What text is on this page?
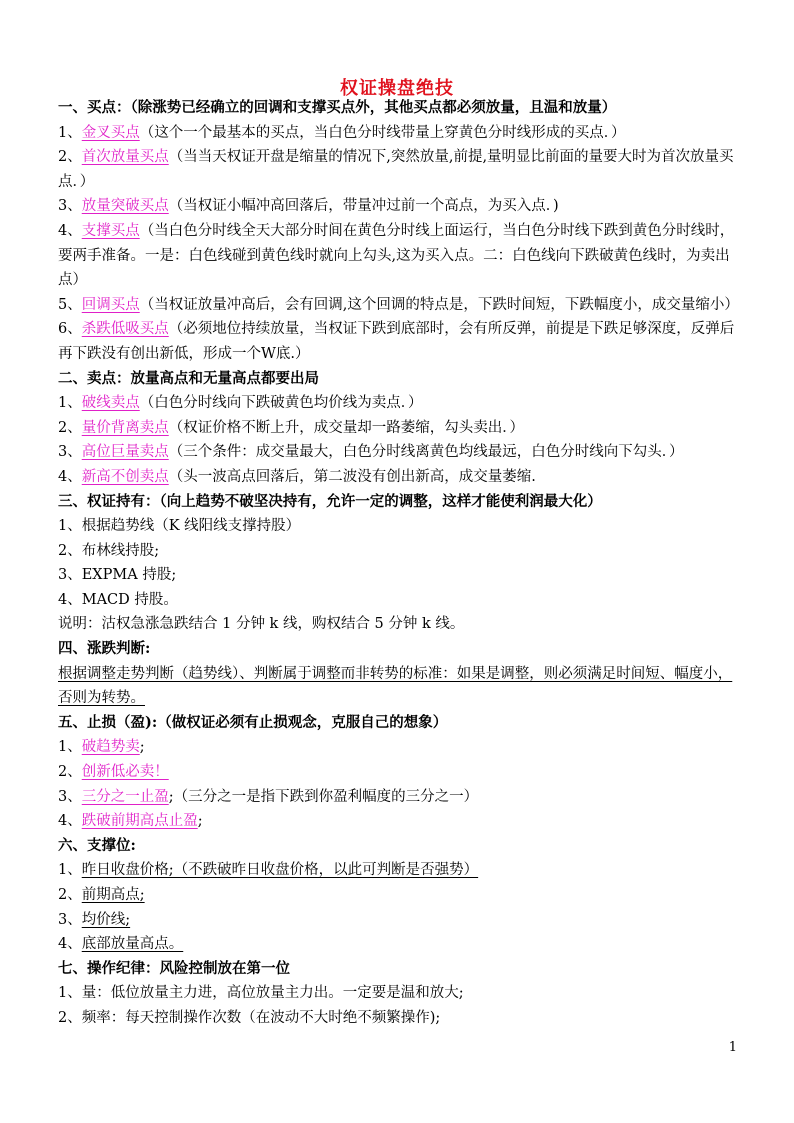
权证操盘绝技

一、买点：（除涨势已经确立的回调和支撑买点外，其他买点都必须放量，且温和放量）

1、金叉买点（这个一个最基本的买点，当白色分时线带量上穿黄色分时线形成的买点．）

2、首次放量买点（当当天权证开盘是缩量的情况下,突然放量,前提,量明显比前面的量要大时为首次放量买点．）

3、放量突破买点（当权证小幅冲高回落后，带量冲过前一个高点，为买入点．)

4、支撑买点（当白色分时线全天大部分时间在黄色分时线上面运行，当白色分时线下跌到黄色分时线时，要两手准备。一是：白色线碰到黄色线时就向上勾头,这为买入点。二：白色线向下跌破黄色线时，为卖出点）

5、回调买点（当权证放量冲高后，会有回调,这个回调的特点是，下跌时间短，下跌幅度小，成交量缩小）

6、杀跌低吸买点（必须地位持续放量，当权证下跌到底部时，会有所反弹，前提是下跌足够深度，反弹后再下跌没有创出新低，形成一个W底.）

二、卖点：放量高点和无量高点都要出局

1、破线卖点（白色分时线向下跌破黄色均价线为卖点．）

2、量价背离卖点（权证价格不断上升，成交量却一路萎缩，勾头卖出．）

3、高位巨量卖点（三个条件：成交量最大，白色分时线离黄色均线最远，白色分时线向下勾头．）

4、新高不创卖点（头一波高点回落后，第二波没有创出新高，成交量萎缩.

三、权证持有：（向上趋势不破坚决持有，允许一定的调整，这样才能使利润最大化）

1、根据趋势线（K 线阳线支撑持股）

2、布林线持股;

3、EXPMA 持股;

4、MACD 持股。

说明：沽权急涨急跌结合 1 分钟 k 线，购权结合 5 分钟 k 线。

四、涨跌判断:

根据调整走势判断（趋势线）、判断属于调整而非转势的标准：如果是调整，则必须满足时间短、幅度小，否则为转势。

五、止损（盈):（做权证必须有止损观念，克服自己的想象）

1、破趋势卖;

2、创新低必卖！

3、三分之一止盈;（三分之一是指下跌到你盈利幅度的三分之一）

4、跌破前期高点止盈;

六、支撑位:

1、昨日收盘价格;（不跌破昨日收盘价格，以此可判断是否强势）

2、前期高点;

3、均价线;

4、底部放量高点。

七、操作纪律：风险控制放在第一位

1、量：低位放量主力进，高位放量主力出。一定要是温和放大;

2、频率：每天控制操作次数（在波动不大时绝不频繁操作);

1
